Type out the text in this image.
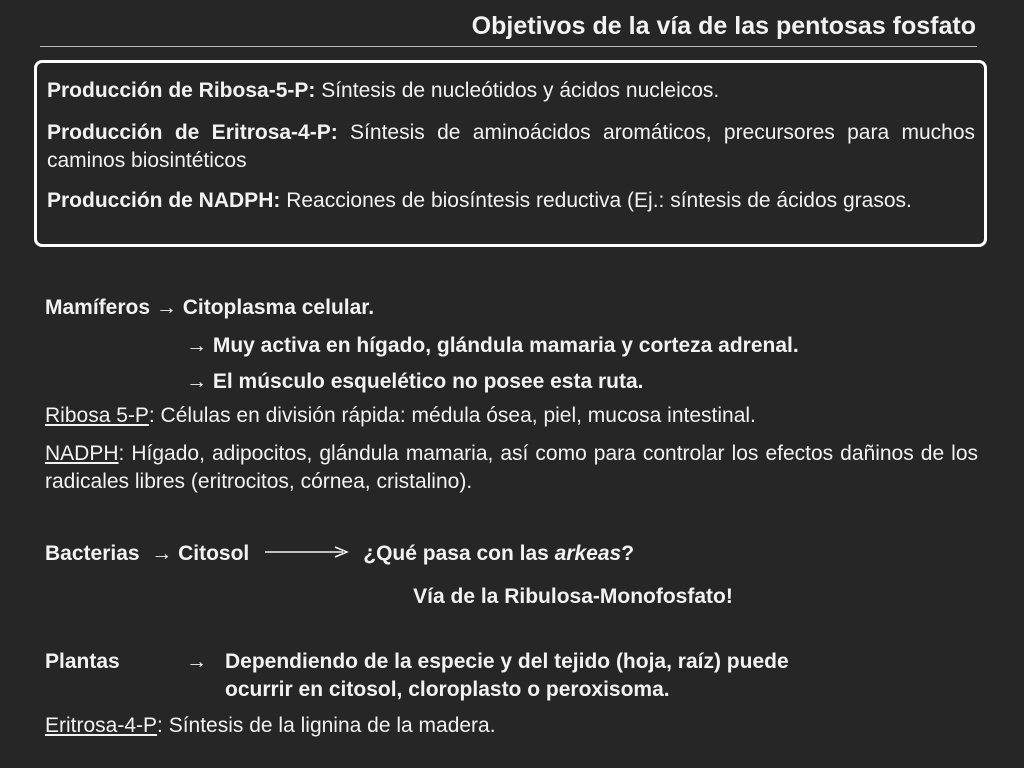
Objetivos de la vía de las pentosas fosfato

Producción de Ribosa-5-P: Síntesis de nucleótidos y ácidos nucleicos.

Producción de Eritrosa-4-P: Síntesis de aminoácidos aromáticos, precursores para muchos caminos biosintéticos

Producción de NADPH: Reacciones de biosíntesis reductiva (Ej.: síntesis de ácidos grasos.

Mamíferos → Citoplasma celular.
→ Muy activa en hígado, glándula mamaria y corteza adrenal.
→ El músculo esquelético no posee esta ruta.
Ribosa 5-P: Células en división rápida: médula ósea, piel, mucosa intestinal.
NADPH: Hígado, adipocitos, glándula mamaria, así como para controlar los efectos dañinos de los radicales libres (eritrocitos, córnea, cristalino).
Bacterias → Citosol	¿Qué pasa con las arkeas?
Vía de la Ribulosa-Monofosfato!
Plantas	→ Dependiendo de la especie y del tejido (hoja, raíz) puede
ocurrir en citosol, cloroplasto o peroxisoma.
Eritrosa-4-P: Síntesis de la lignina de la madera.
